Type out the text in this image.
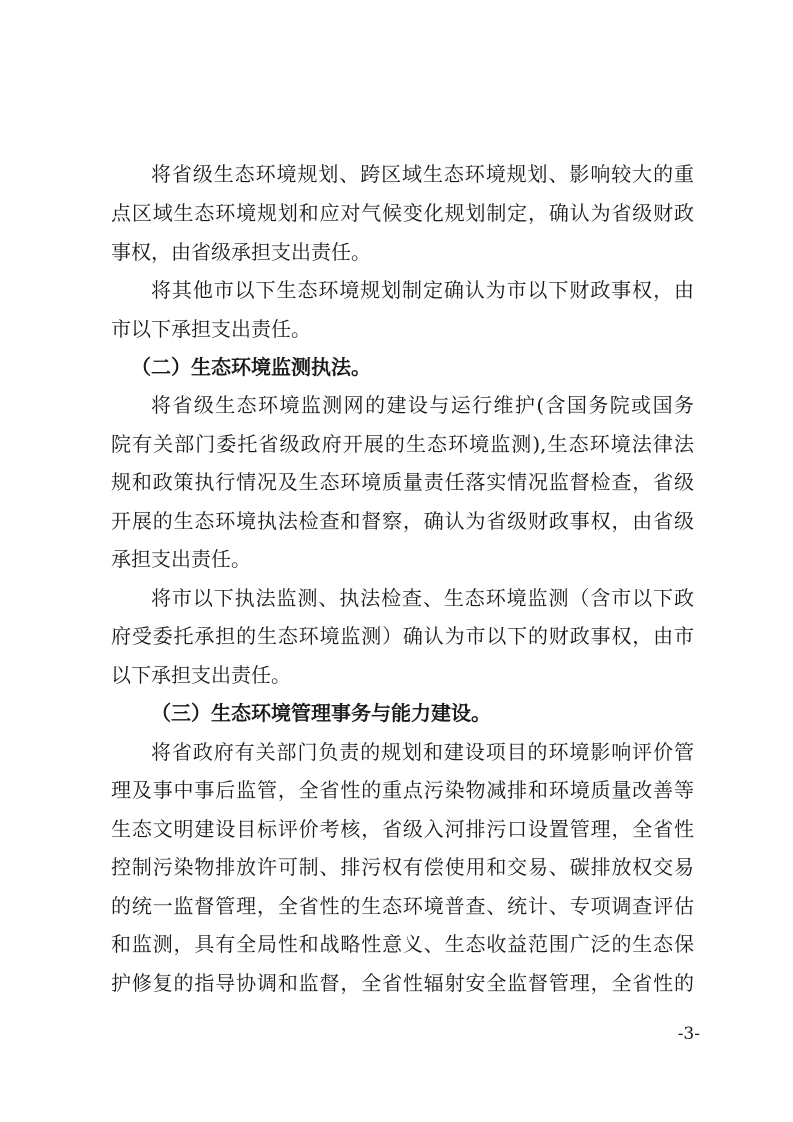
将省级生态环境规划、跨区域生态环境规划、影响较大的重
点区域生态环境规划和应对气候变化规划制定，确认为省级财政
事权，由省级承担支出责任。
将其他市以下生态环境规划制定确认为市以下财政事权，由
市以下承担支出责任。
（二）生态环境监测执法。
将省级生态环境监测网的建设与运行维护(含国务院或国务
院有关部门委托省级政府开展的生态环境监测),生态环境法律法
规和政策执行情况及生态环境质量责任落实情况监督检查，省级
开展的生态环境执法检查和督察，确认为省级财政事权，由省级
承担支出责任。
将市以下执法监测、执法检查、生态环境监测（含市以下政
府受委托承担的生态环境监测）确认为市以下的财政事权，由市
以下承担支出责任。
（三）生态环境管理事务与能力建设。
将省政府有关部门负责的规划和建设项目的环境影响评价管
理及事中事后监管，全省性的重点污染物减排和环境质量改善等
生态文明建设目标评价考核，省级入河排污口设置管理，全省性
控制污染物排放许可制、排污权有偿使用和交易、碳排放权交易
的统一监督管理，全省性的生态环境普查、统计、专项调查评估
和监测，具有全局性和战略性意义、生态收益范围广泛的生态保
护修复的指导协调和监督，全省性辐射安全监督管理，全省性的
-3-
